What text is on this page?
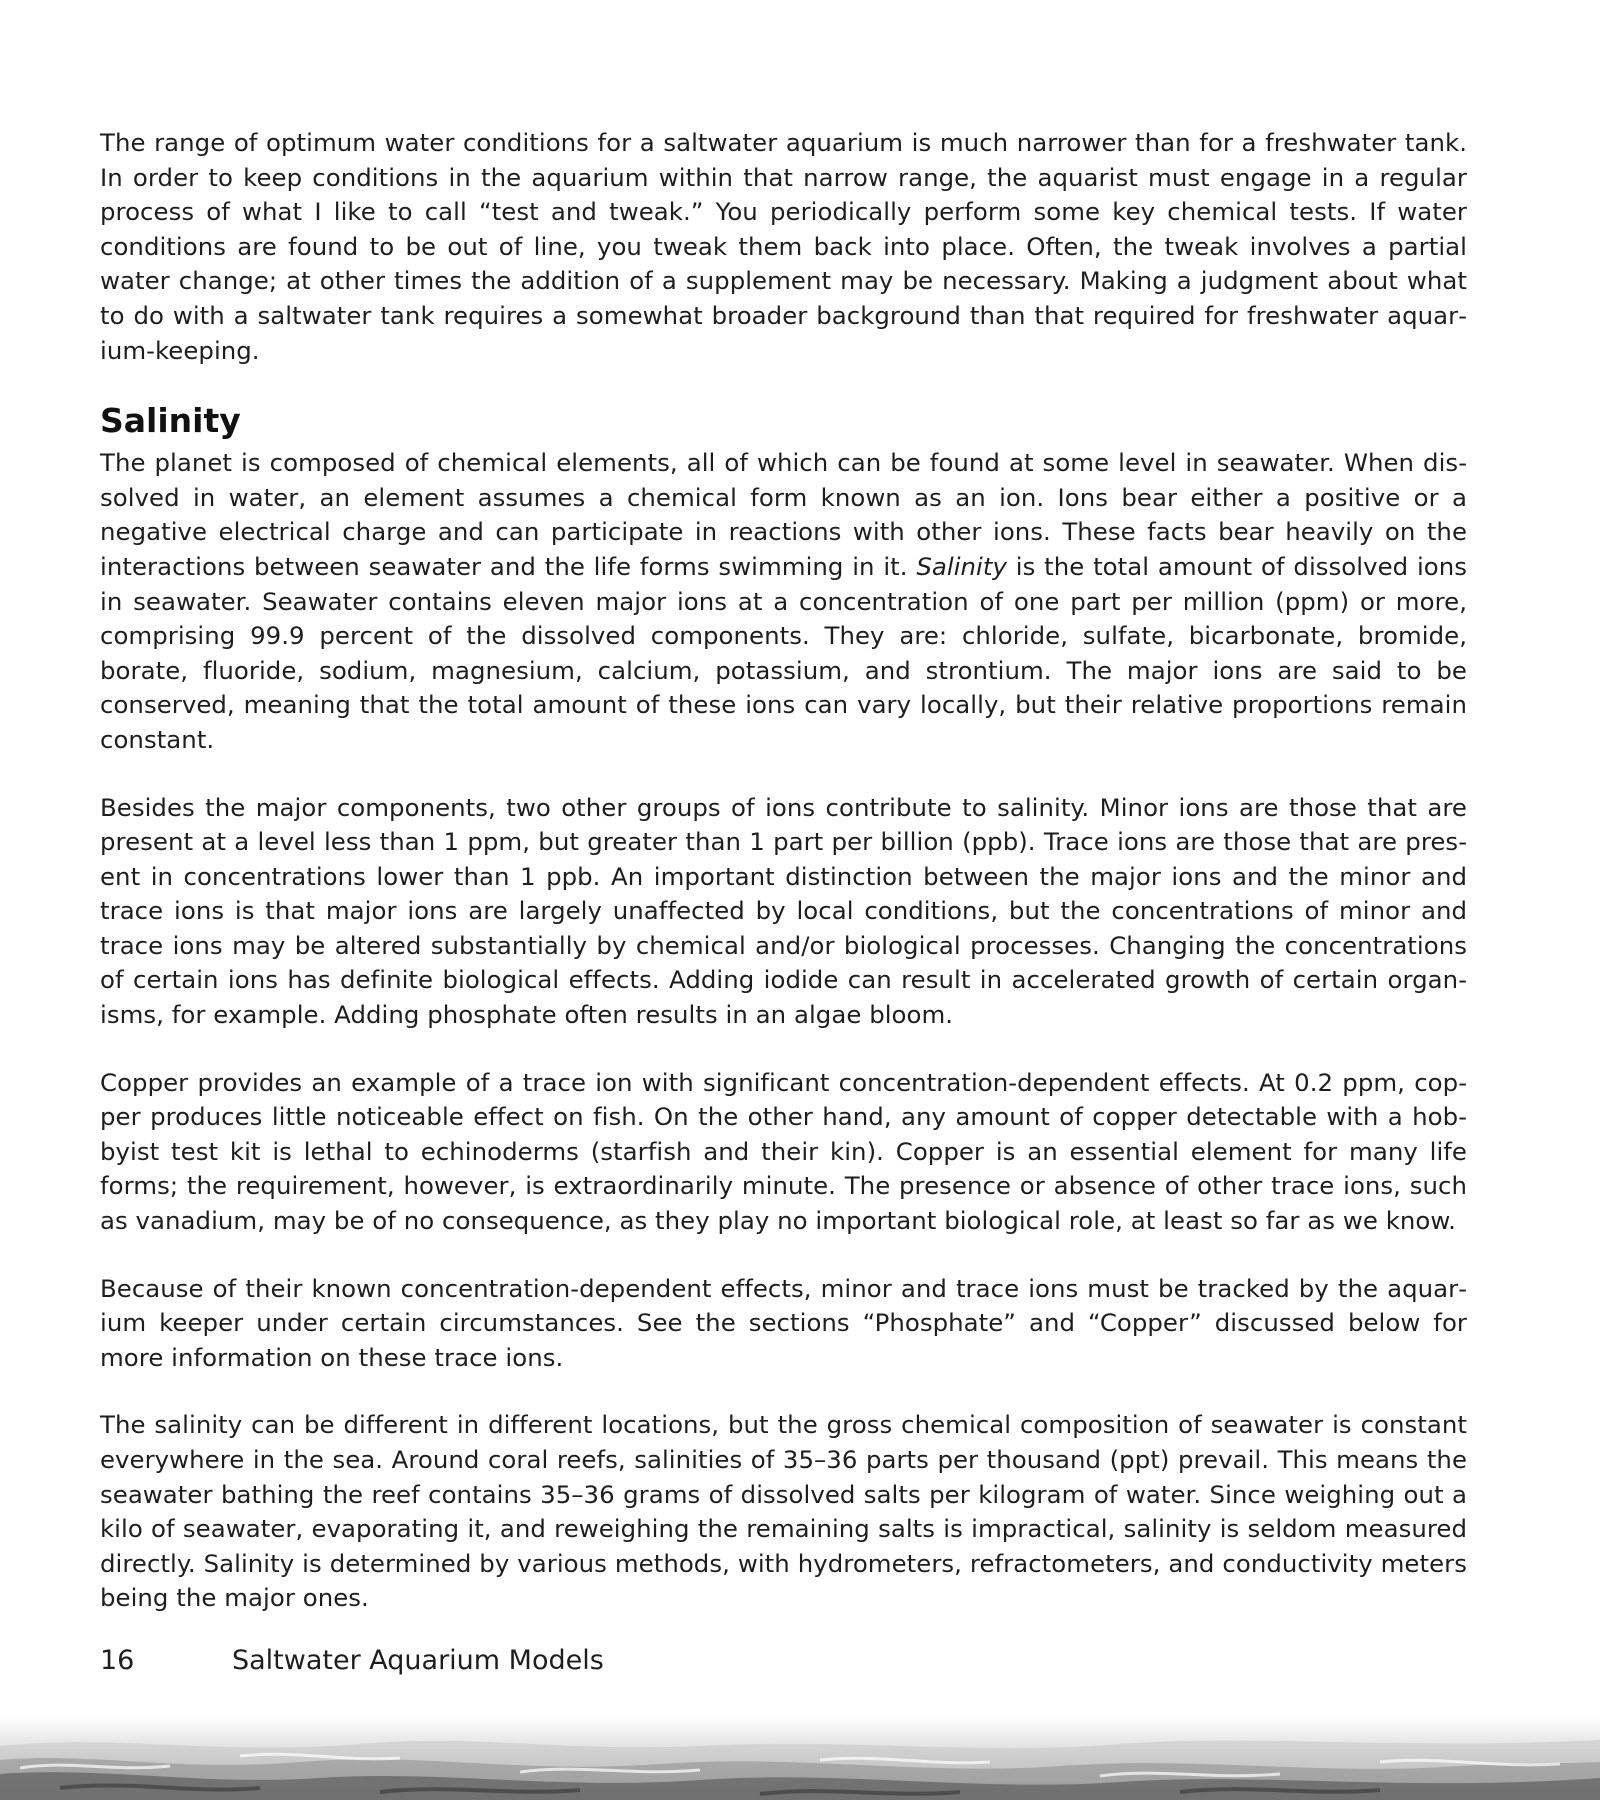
The range of optimum water conditions for a saltwater aquarium is much narrower than for a freshwater tank. In order to keep conditions in the aquarium within that narrow range, the aquarist must engage in a regular process of what I like to call “test and tweak.” You periodically perform some key chemical tests. If water conditions are found to be out of line, you tweak them back into place. Often, the tweak involves a partial water change; at other times the addition of a supplement may be necessary. Making a judgment about what to do with a saltwater tank requires a somewhat broader background than that required for freshwater aquarium-keeping.

Salinity

The planet is composed of chemical elements, all of which can be found at some level in seawater. When dissolved in water, an element assumes a chemical form known as an ion. Ions bear either a positive or a negative electrical charge and can participate in reactions with other ions. These facts bear heavily on the interactions between seawater and the life forms swimming in it. Salinity is the total amount of dissolved ions in seawater. Seawater contains eleven major ions at a concentration of one part per million (ppm) or more, comprising 99.9 percent of the dissolved components. They are: chloride, sulfate, bicarbonate, bromide, borate, fluoride, sodium, magnesium, calcium, potassium, and strontium. The major ions are said to be conserved, meaning that the total amount of these ions can vary locally, but their relative proportions remain constant.

Besides the major components, two other groups of ions contribute to salinity. Minor ions are those that are present at a level less than 1 ppm, but greater than 1 part per billion (ppb). Trace ions are those that are present in concentrations lower than 1 ppb. An important distinction between the major ions and the minor and trace ions is that major ions are largely unaffected by local conditions, but the concentrations of minor and trace ions may be altered substantially by chemical and/or biological processes. Changing the concentrations of certain ions has definite biological effects. Adding iodide can result in accelerated growth of certain organisms, for example. Adding phosphate often results in an algae bloom.

Copper provides an example of a trace ion with significant concentration-dependent effects. At 0.2 ppm, copper produces little noticeable effect on fish. On the other hand, any amount of copper detectable with a hobbyist test kit is lethal to echinoderms (starfish and their kin). Copper is an essential element for many life forms; the requirement, however, is extraordinarily minute. The presence or absence of other trace ions, such as vanadium, may be of no consequence, as they play no important biological role, at least so far as we know.

Because of their known concentration-dependent effects, minor and trace ions must be tracked by the aquarium keeper under certain circumstances. See the sections “Phosphate” and “Copper” discussed below for more information on these trace ions.

The salinity can be different in different locations, but the gross chemical composition of seawater is constant everywhere in the sea. Around coral reefs, salinities of 35–36 parts per thousand (ppt) prevail. This means the seawater bathing the reef contains 35–36 grams of dissolved salts per kilogram of water. Since weighing out a kilo of seawater, evaporating it, and reweighing the remaining salts is impractical, salinity is seldom measured directly. Salinity is determined by various methods, with hydrometers, refractometers, and conductivity meters being the major ones.

16	Saltwater Aquarium Models
